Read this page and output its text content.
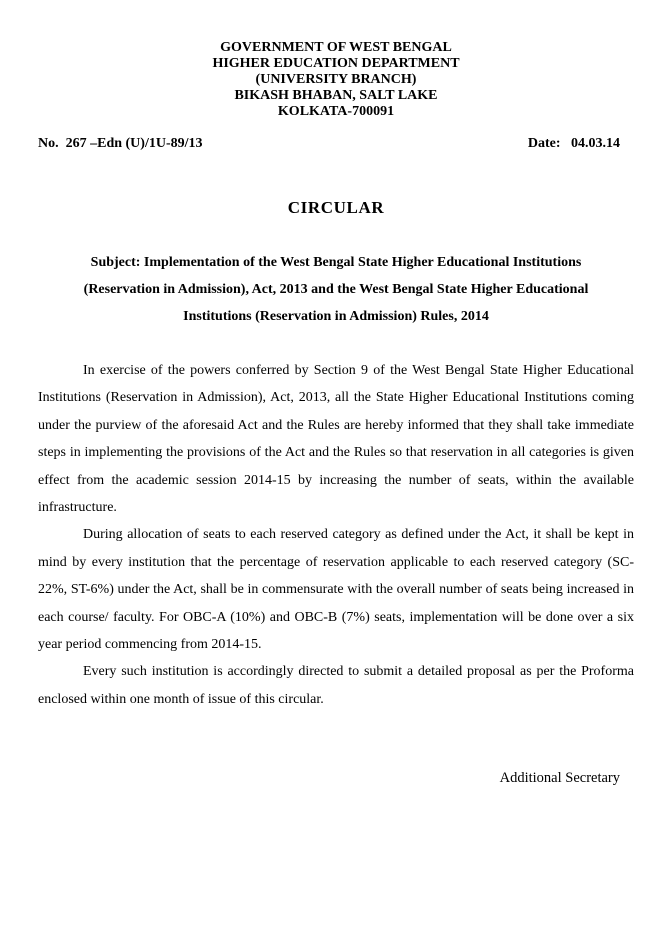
GOVERNMENT OF WEST BENGAL
HIGHER EDUCATION DEPARTMENT
(UNIVERSITY BRANCH)
BIKASH BHABAN, SALT LAKE
KOLKATA-700091
No.  267 –Edn (U)/1U-89/13	Date:   04.03.14
CIRCULAR
Subject: Implementation of the West Bengal State Higher Educational Institutions
(Reservation in Admission), Act, 2013 and the West Bengal State Higher Educational
Institutions (Reservation in Admission) Rules, 2014

In exercise of the powers conferred by Section 9 of the West Bengal State Higher Educational Institutions (Reservation in Admission), Act, 2013, all the State Higher Educational Institutions coming under the purview of the aforesaid Act and the Rules are hereby informed that they shall take immediate steps in implementing the provisions of the Act and the Rules so that reservation in all categories is given effect from the academic session 2014-15 by increasing the number of seats, within the available infrastructure.

During allocation of seats to each reserved category as defined under the Act, it shall be kept in mind by every institution that the percentage of reservation applicable to each reserved category (SC-22%, ST-6%) under the Act, shall be in commensurate with the overall number of seats being increased in each course/ faculty. For OBC-A (10%) and OBC-B (7%) seats, implementation will be done over a six year period commencing from 2014-15.

Every such institution is accordingly directed to submit a detailed proposal as per the Proforma enclosed within one month of issue of this circular.

Additional Secretary
